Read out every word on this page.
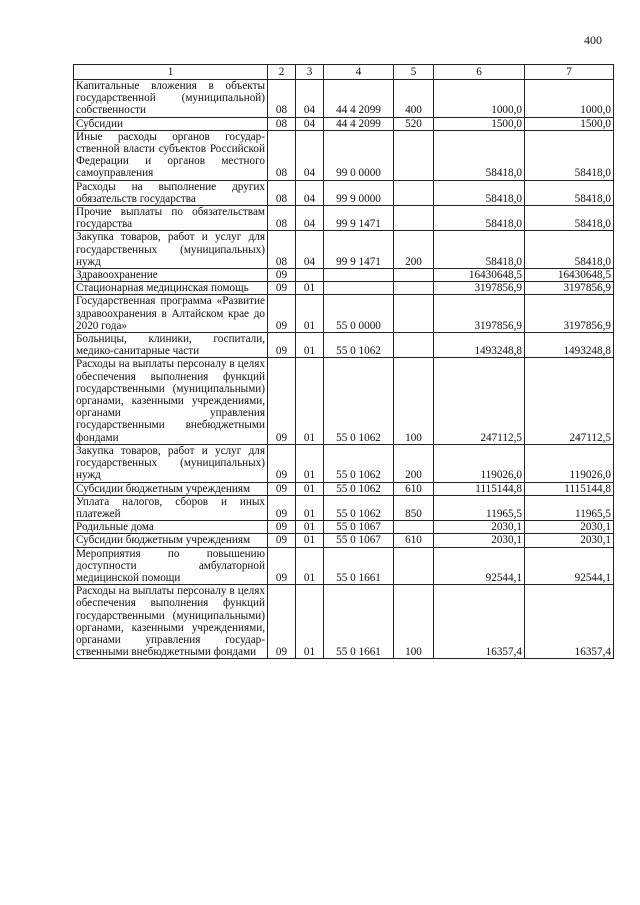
400
1	2	3	4	5	6	7
Капитальные вложения в объекты государственной (муниципальной) собственности	08	04	44 4 2099	400	1000,0	1000,0
Субсидии	08	04	44 4 2099	520	1500,0	1500,0
Иные расходы органов государственной власти субъектов Российской Федерации и органов местного самоуправления	08	04	99 0 0000		58418,0	58418,0
Расходы на выполнение других обязательств государства	08	04	99 9 0000		58418,0	58418,0
Прочие выплаты по обязательствам государства	08	04	99 9 1471		58418,0	58418,0
Закупка товаров, работ и услуг для государственных (муниципальных) нужд	08	04	99 9 1471	200	58418,0	58418,0
Здравоохранение	09				16430648,5	16430648,5
Стационарная медицинская помощь	09	01			3197856,9	3197856,9
Государственная программа «Развитие здравоохранения в Алтайском крае до 2020 года»	09	01	55 0 0000		3197856,9	3197856,9
Больницы, клиники, госпитали, медико-санитарные части	09	01	55 0 1062		1493248,8	1493248,8
Расходы на выплаты персоналу в целях обеспечения выполнения функций государственными (муниципальными) органами, казенными учреждениями, органами управления государственными внебюджетными фондами	09	01	55 0 1062	100	247112,5	247112,5
Закупка товаров, работ и услуг для государственных (муниципальных) нужд	09	01	55 0 1062	200	119026,0	119026,0
Субсидии бюджетным учреждениям	09	01	55 0 1062	610	1115144,8	1115144,8
Уплата налогов, сборов и иных платежей	09	01	55 0 1062	850	11965,5	11965,5
Родильные дома	09	01	55 0 1067		2030,1	2030,1
Субсидии бюджетным учреждениям	09	01	55 0 1067	610	2030,1	2030,1
Мероприятия по повышению доступности амбулаторной медицинской помощи	09	01	55 0 1661		92544,1	92544,1
Расходы на выплаты персоналу в целях обеспечения выполнения функций государственными (муниципальными) органами, казенными учреждениями, органами управления государственными внебюджетными фондами	09	01	55 0 1661	100	16357,4	16357,4
